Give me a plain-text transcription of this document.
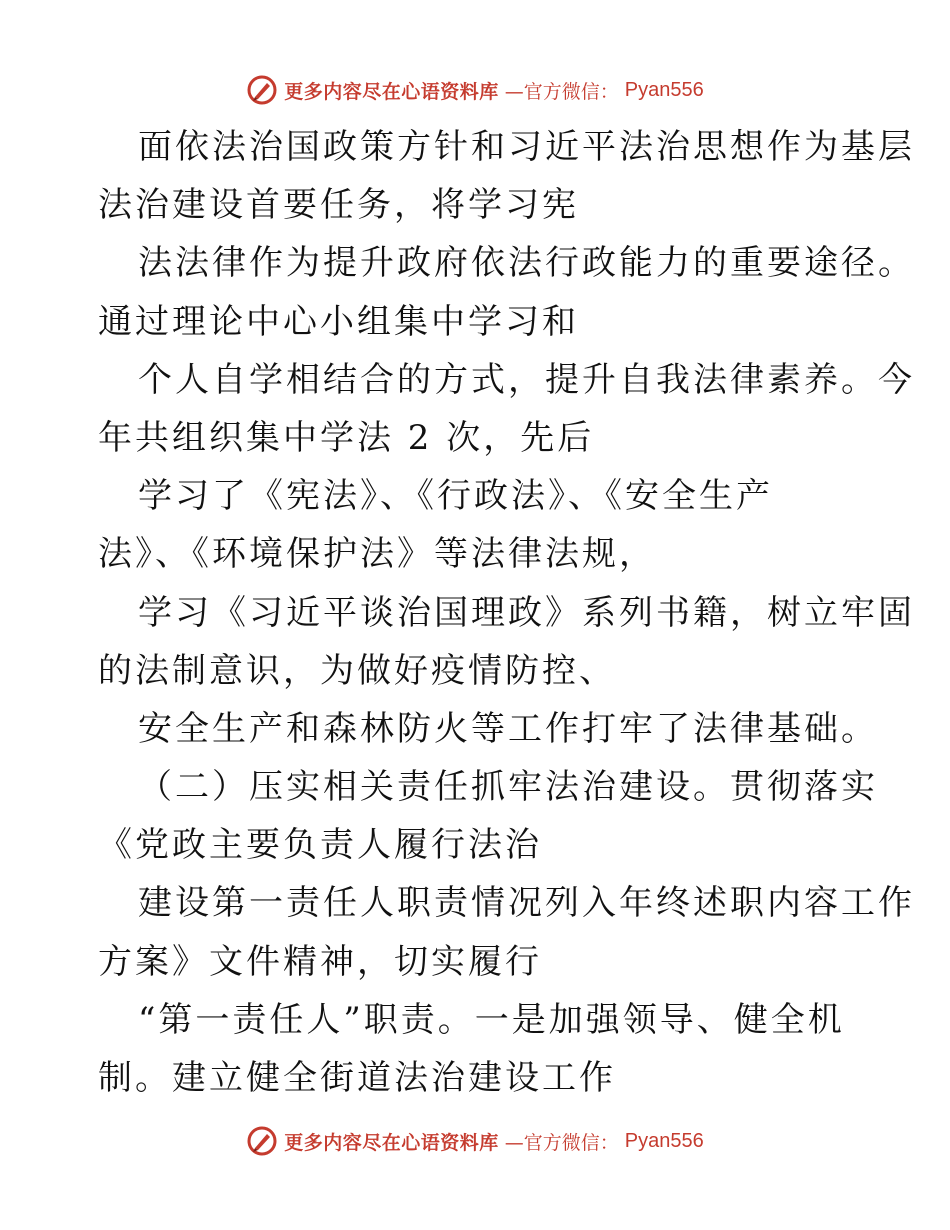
更多内容尽在心语资料库 —官方微信： Pyan556
面依法治国政策方针和习近平法治思想作为基层
法治建设首要任务，将学习宪
法法律作为提升政府依法行政能力的重要途径。
通过理论中心小组集中学习和
个人自学相结合的方式，提升自我法律素养。今
年共组织集中学法 2 次，先后
学习了《宪法》、《行政法》、《安全生产
法》、《环境保护法》等法律法规，
学习《习近平谈治国理政》系列书籍，树立牢固
的法制意识，为做好疫情防控、
安全生产和森林防火等工作打牢了法律基础。
（二）压实相关责任抓牢法治建设。贯彻落实
《党政主要负责人履行法治
建设第一责任人职责情况列入年终述职内容工作
方案》文件精神，切实履行
“第一责任人”职责。一是加强领导、健全机
制。建立健全街道法治建设工作
更多内容尽在心语资料库 —官方微信： Pyan556
